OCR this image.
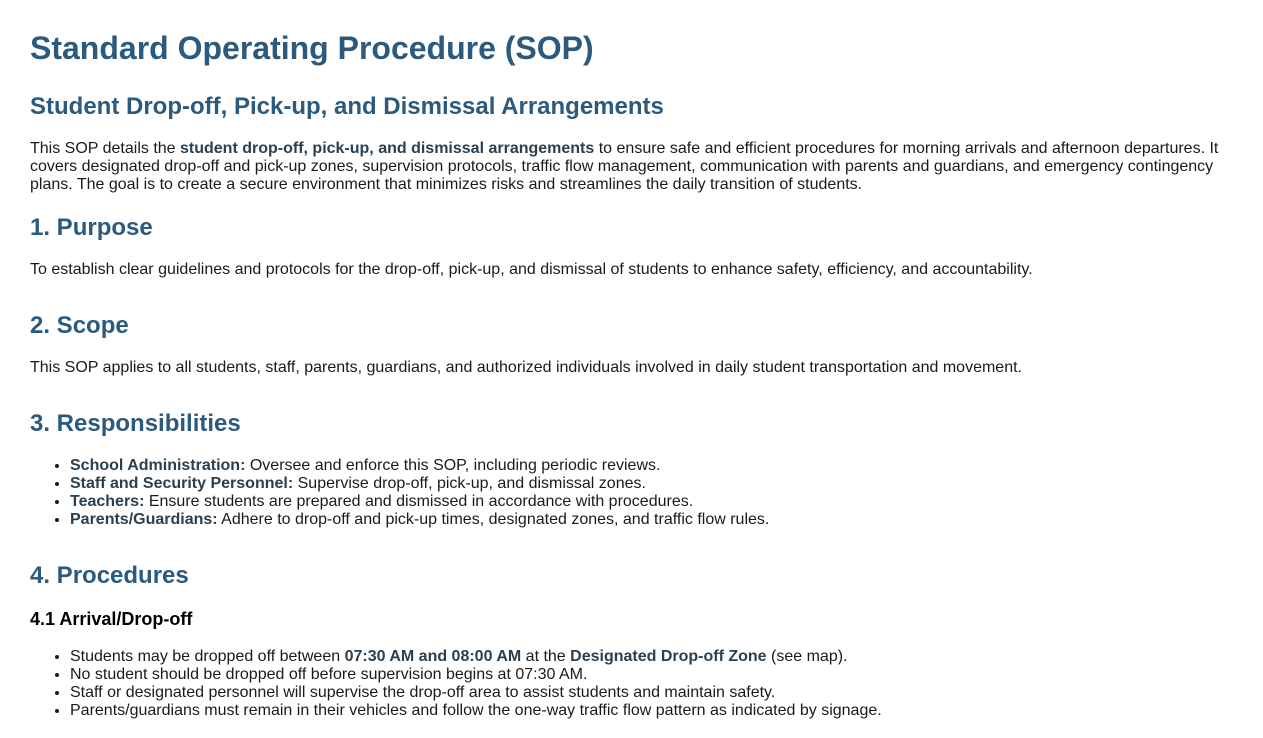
Standard Operating Procedure (SOP)
Student Drop-off, Pick-up, and Dismissal Arrangements

This SOP details the student drop-off, pick-up, and dismissal arrangements to ensure safe and efficient procedures for morning arrivals and afternoon departures. It covers designated drop-off and pick-up zones, supervision protocols, traffic flow management, communication with parents and guardians, and emergency contingency plans. The goal is to create a secure environment that minimizes risks and streamlines the daily transition of students.

1. Purpose

To establish clear guidelines and protocols for the drop-off, pick-up, and dismissal of students to enhance safety, efficiency, and accountability.

2. Scope

This SOP applies to all students, staff, parents, guardians, and authorized individuals involved in daily student transportation and movement.

3. Responsibilities
• School Administration: Oversee and enforce this SOP, including periodic reviews.
• Staff and Security Personnel: Supervise drop-off, pick-up, and dismissal zones.
• Teachers: Ensure students are prepared and dismissed in accordance with procedures.
• Parents/Guardians: Adhere to drop-off and pick-up times, designated zones, and traffic flow rules.
4. Procedures
4.1 Arrival/Drop-off
• Students may be dropped off between 07:30 AM and 08:00 AM at the Designated Drop-off Zone (see map).
• No student should be dropped off before supervision begins at 07:30 AM.
• Staff or designated personnel will supervise the drop-off area to assist students and maintain safety.
• Parents/guardians must remain in their vehicles and follow the one-way traffic flow pattern as indicated by signage.
